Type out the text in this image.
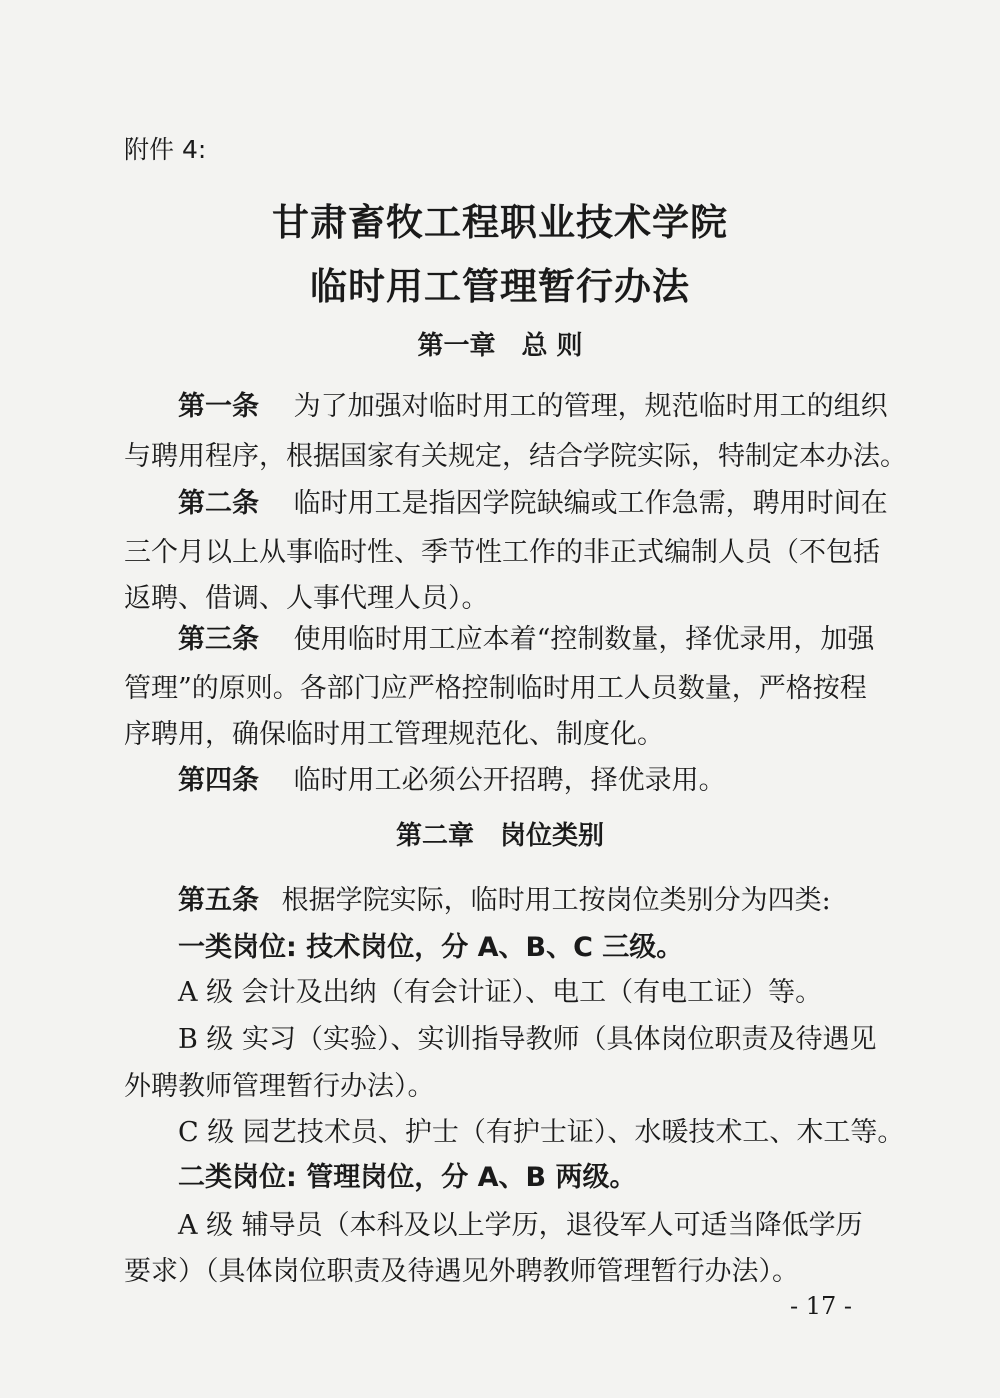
附件 4:
甘肃畜牧工程职业技术学院
临时用工管理暂行办法
第一章　总 则
第一条 为了加强对临时用工的管理，规范临时用工的组织
与聘用程序，根据国家有关规定，结合学院实际，特制定本办法。
第二条 临时用工是指因学院缺编或工作急需，聘用时间在
三个月以上从事临时性、季节性工作的非正式编制人员（不包括
返聘、借调、人事代理人员）。
第三条 使用临时用工应本着“控制数量，择优录用，加强
管理”的原则。各部门应严格控制临时用工人员数量，严格按程
序聘用，确保临时用工管理规范化、制度化。
第四条 临时用工必须公开招聘，择优录用。
第二章　岗位类别
第五条 根据学院实际，临时用工按岗位类别分为四类:
一类岗位: 技术岗位，分 A、B、C 三级。
A 级 会计及出纳（有会计证）、电工（有电工证）等。
B 级 实习（实验）、实训指导教师（具体岗位职责及待遇见
外聘教师管理暂行办法）。
C 级 园艺技术员、护士（有护士证）、水暖技术工、木工等。
二类岗位: 管理岗位，分 A、B 两级。
A 级 辅导员（本科及以上学历，退役军人可适当降低学历
要求）（具体岗位职责及待遇见外聘教师管理暂行办法）。
- 17 -
